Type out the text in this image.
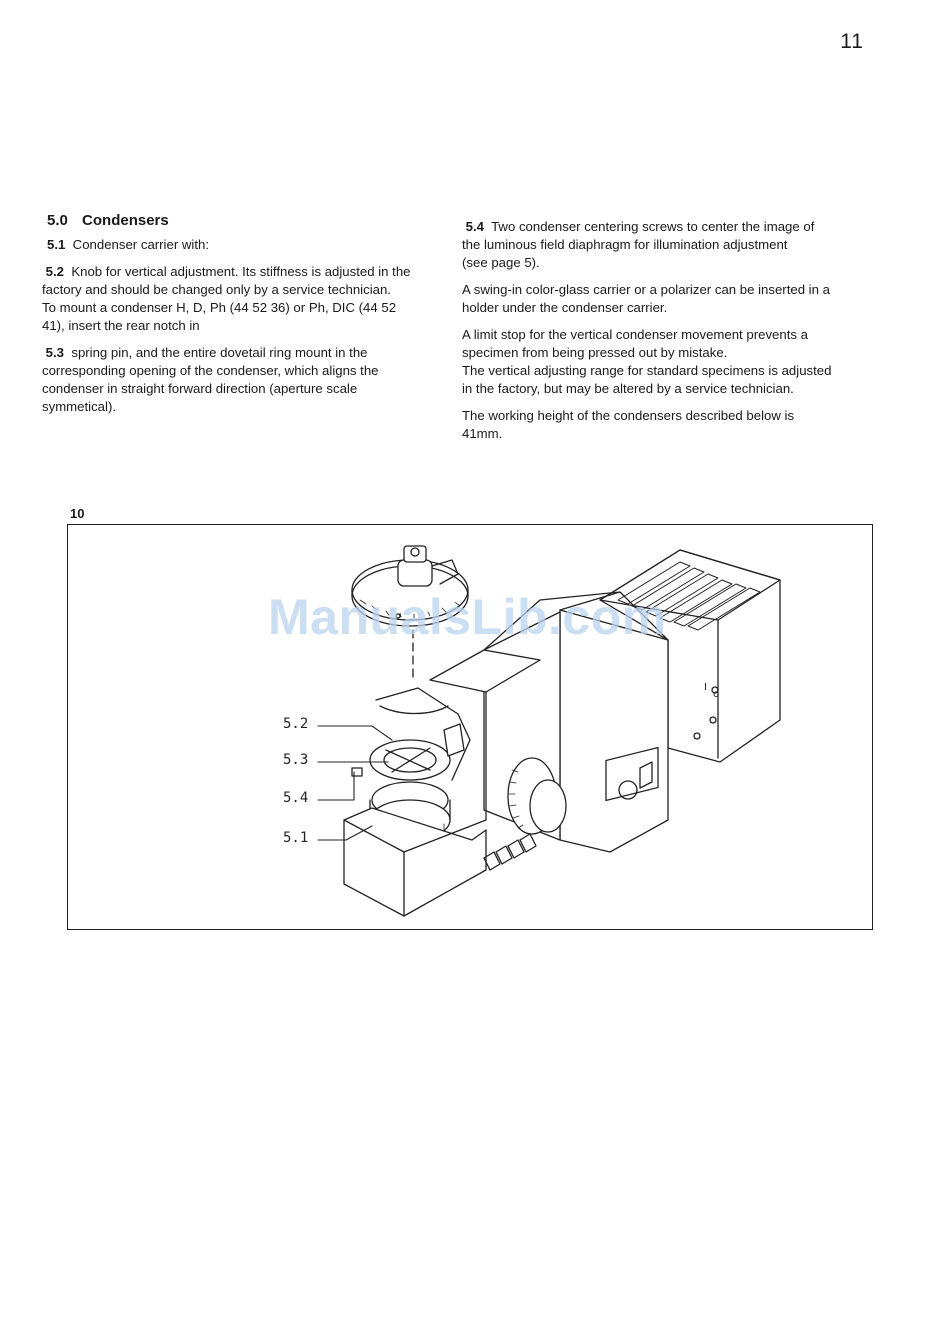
11
5.0 Condensers

5.1 Condenser carrier with:

5.2 Knob for vertical adjustment. Its stiffness is adjusted in the
factory and should be changed only by a service technician.
To mount a condenser H, D, Ph (44 52 36) or Ph, DIC (44 52
41), insert the rear notch in

5.3 spring pin, and the entire dovetail ring mount in the
corresponding opening of the condenser, which aligns the
condenser in straight forward direction (aperture scale
symmetical).

5.4 Two condenser centering screws to center the image of
the luminous field diaphragm for illumination adjustment
(see page 5).

A swing-in color-glass carrier or a polarizer can be inserted in a
holder under the condenser carrier.

A limit stop for the vertical condenser movement prevents a
specimen from being pressed out by mistake.
The vertical adjusting range for standard specimens is adjusted
in the factory, but may be altered by a service technician.

The working height of the condensers described below is
41mm.

10
I
o
5.2
5.3
5.4
5.1
ManualsLib.com
